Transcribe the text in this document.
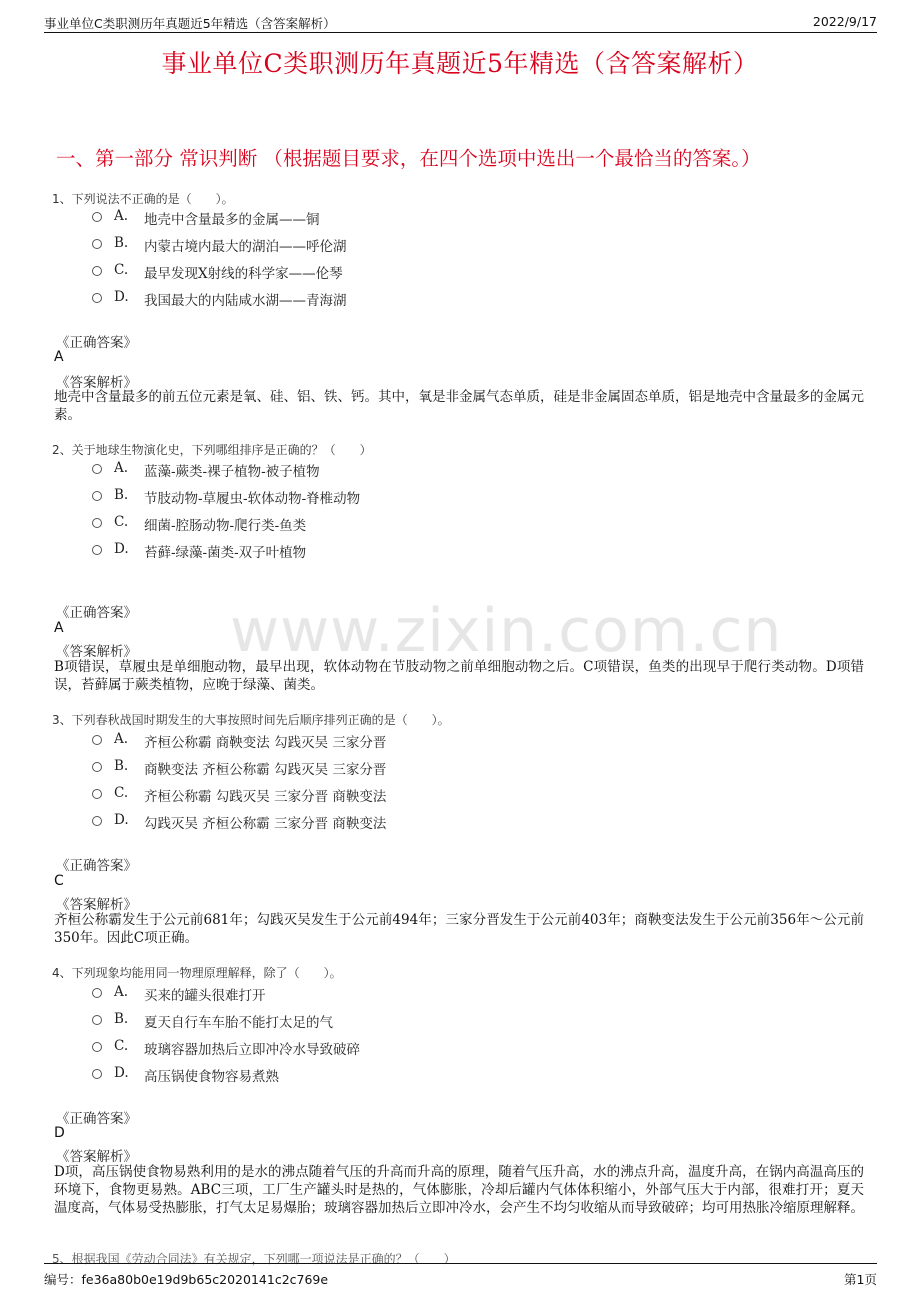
事业单位C类职测历年真题近5年精选（含答案解析）	2022/9/17
事业单位C类职测历年真题近5年精选（含答案解析）
一、第一部分 常识判断 （根据题目要求，在四个选项中选出一个最恰当的答案。）
www.zixin.com.cn
1、下列说法不正确的是（　　）。
A. 地壳中含量最多的金属——铜
B. 内蒙古境内最大的湖泊——呼伦湖
C. 最早发现X射线的科学家——伦琴
D. 我国最大的内陆咸水湖——青海湖
《正确答案》
A
《答案解析》
地壳中含量最多的前五位元素是氧、硅、铝、铁、钙。其中，氧是非金属气态单质，硅是非金属固态单质，铝是地壳中含量最多的金属元素。
2、关于地球生物演化史，下列哪组排序是正确的？（　　）
A. 蓝藻-蕨类-裸子植物-被子植物
B. 节肢动物-草履虫-软体动物-脊椎动物
C. 细菌-腔肠动物-爬行类-鱼类
D. 苔藓-绿藻-菌类-双子叶植物
《正确答案》
A
《答案解析》
B项错误，草履虫是单细胞动物，最早出现，软体动物在节肢动物之前单细胞动物之后。C项错误，鱼类的出现早于爬行类动物。D项错误，苔藓属于蕨类植物，应晚于绿藻、菌类。
3、下列春秋战国时期发生的大事按照时间先后顺序排列正确的是（　　）。
A. 齐桓公称霸 商鞅变法 勾践灭吴 三家分晋
B. 商鞅变法 齐桓公称霸 勾践灭吴 三家分晋
C. 齐桓公称霸 勾践灭吴 三家分晋 商鞅变法
D. 勾践灭吴 齐桓公称霸 三家分晋 商鞅变法
《正确答案》
C
《答案解析》
齐桓公称霸发生于公元前681年；勾践灭吴发生于公元前494年；三家分晋发生于公元前403年；商鞅变法发生于公元前356年～公元前350年。因此C项正确。
4、下列现象均能用同一物理原理解释，除了（　　）。
A. 买来的罐头很难打开
B. 夏天自行车车胎不能打太足的气
C. 玻璃容器加热后立即冲冷水导致破碎
D. 高压锅使食物容易煮熟
《正确答案》
D
《答案解析》
D项，高压锅使食物易熟利用的是水的沸点随着气压的升高而升高的原理，随着气压升高，水的沸点升高，温度升高，在锅内高温高压的环境下，食物更易熟。ABC三项，工厂生产罐头时是热的，气体膨胀，冷却后罐内气体体积缩小，外部气压大于内部，很难打开；夏天温度高，气体易受热膨胀，打气太足易爆胎；玻璃容器加热后立即冲冷水，会产生不均匀收缩从而导致破碎；均可用热胀冷缩原理解释。
5、根据我国《劳动合同法》有关规定，下列哪一项说法是正确的？（　　）
编号：fe36a80b0e19d9b65c2020141c2c769e	第1页
